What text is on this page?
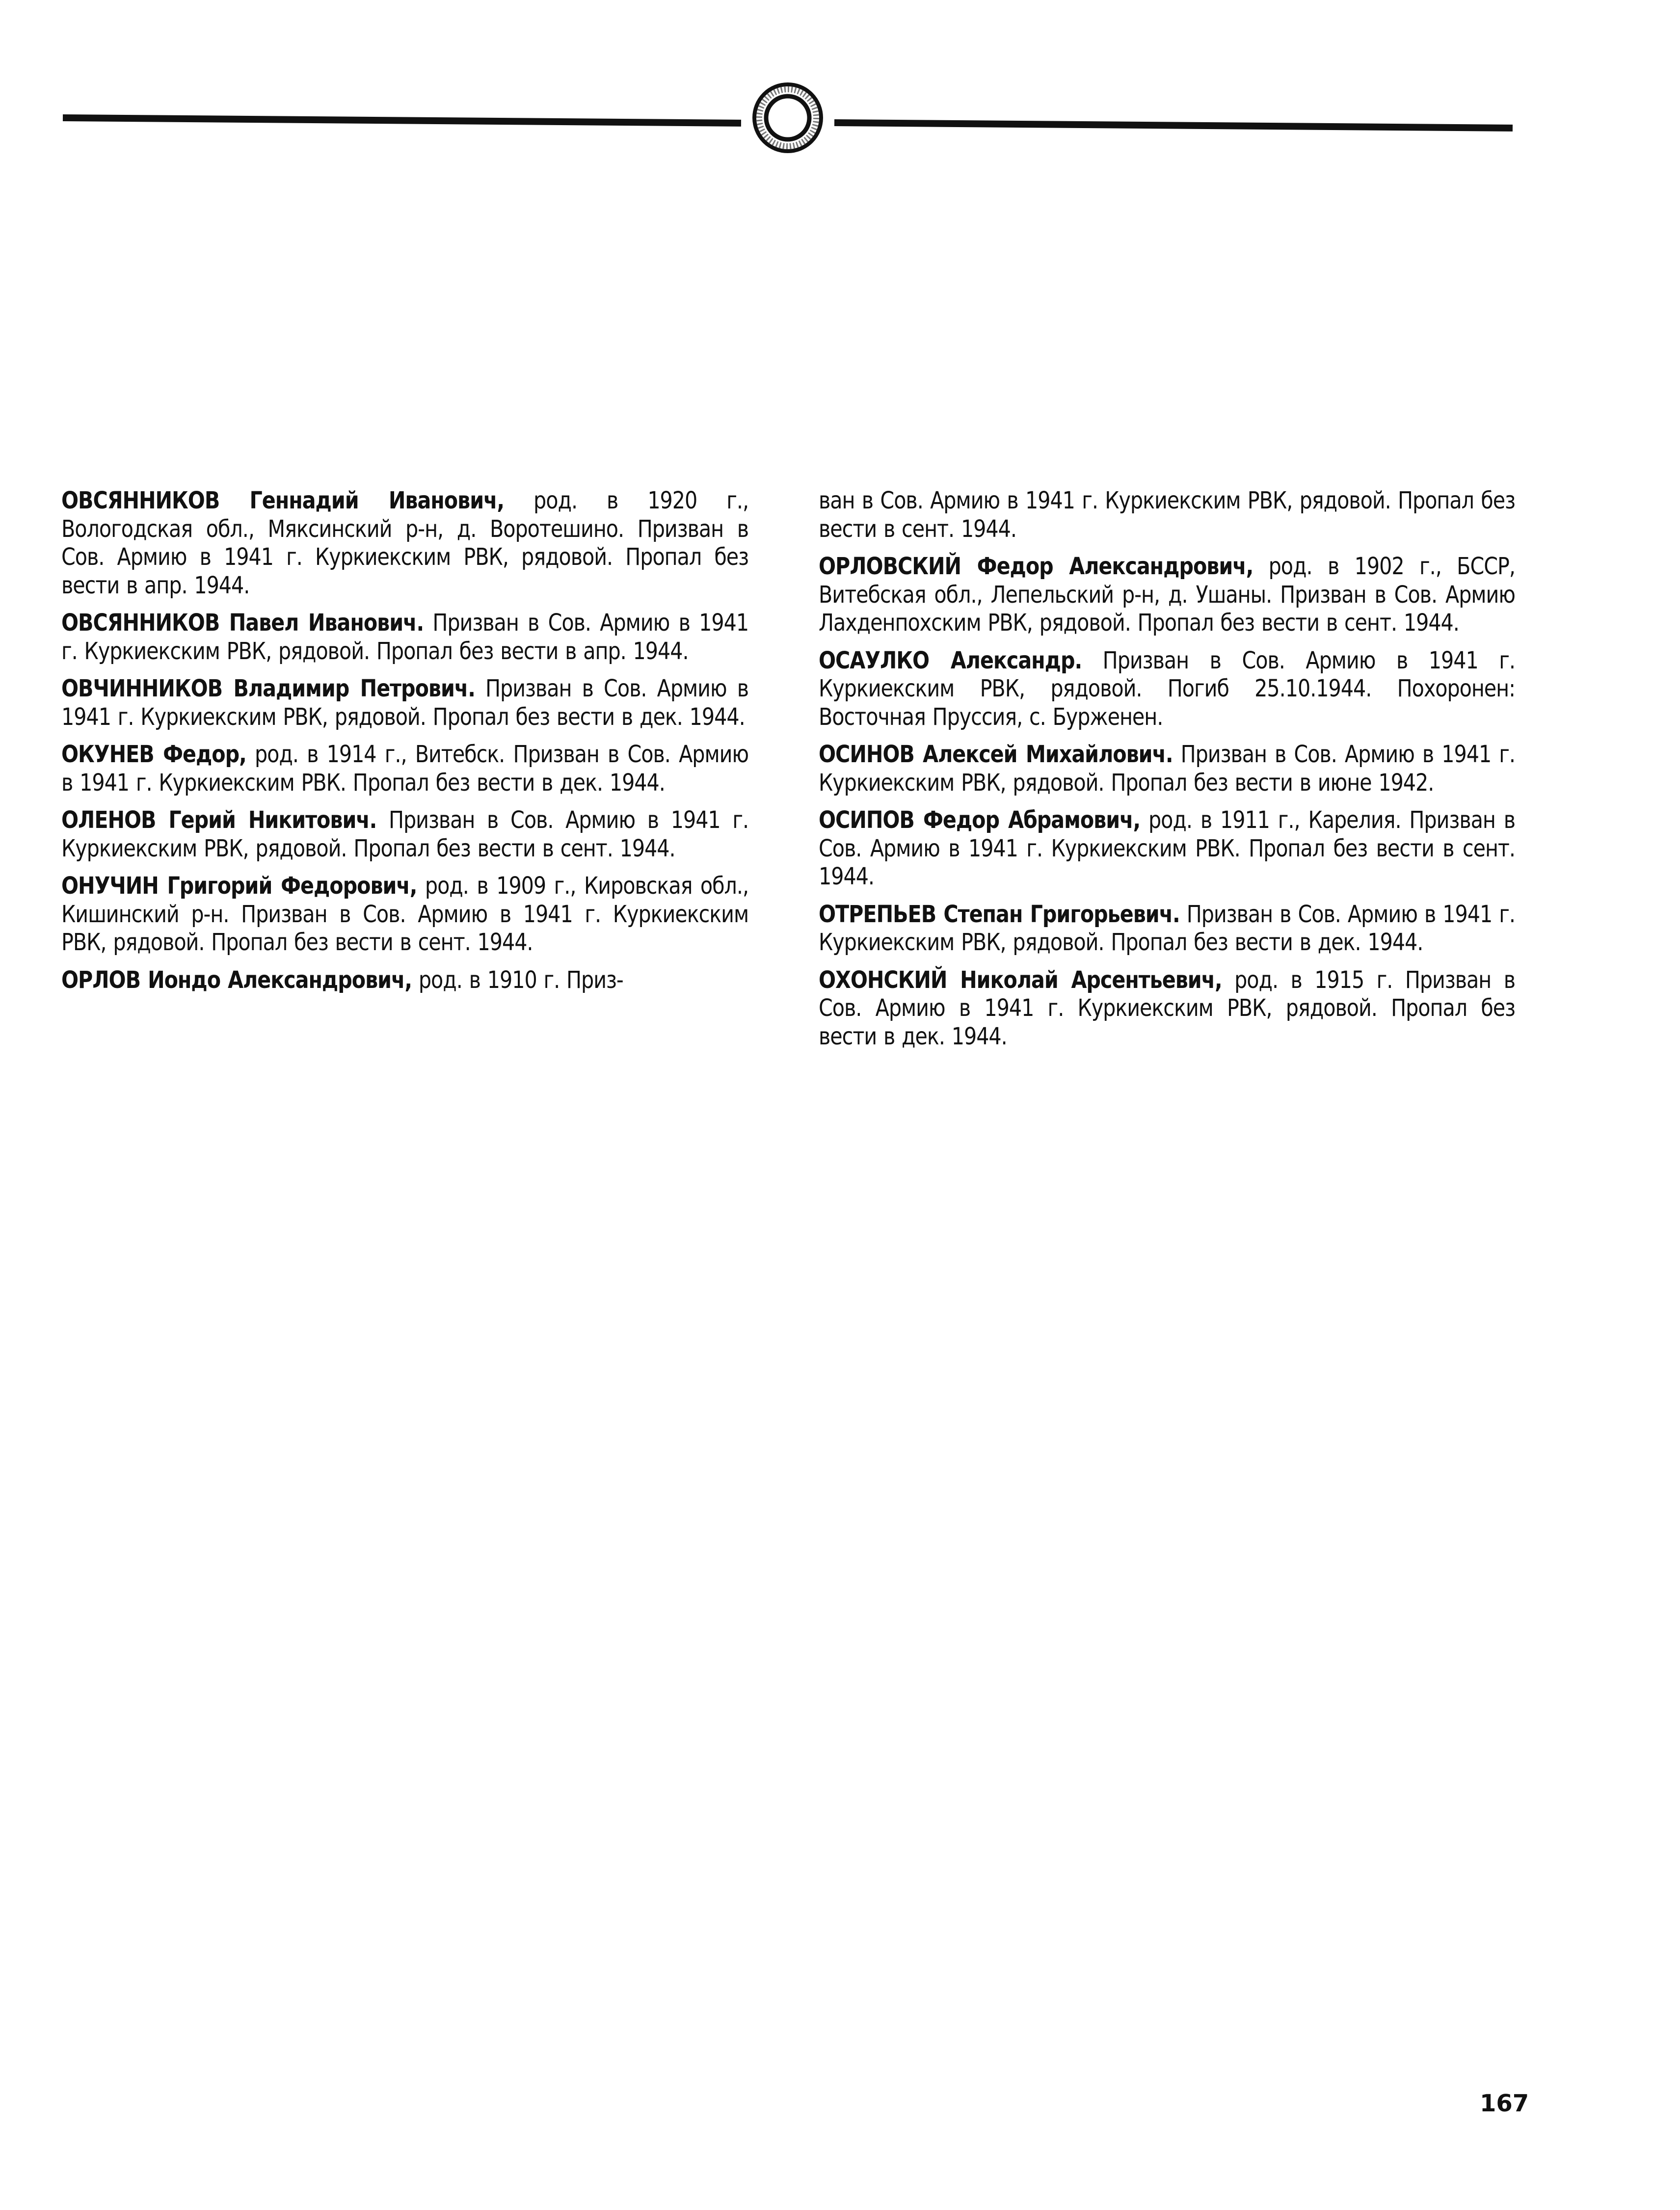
ОВСЯННИКОВ Геннадий Иванович, род. в 1920 г., Вологодская обл., Мяксинский р-н, д. Воротешино. Призван в Сов. Армию в 1941 г. Куркиекским РВК, рядовой. Пропал без вести в апр. 1944.

ОВСЯННИКОВ Павел Иванович. Призван в Сов. Армию в 1941 г. Куркиекским РВК, рядовой. Пропал без вести в апр. 1944.

ОВЧИННИКОВ Владимир Петрович. Призван в Сов. Армию в 1941 г. Куркиекским РВК, рядовой. Пропал без вести в дек. 1944.

ОКУНЕВ Федор, род. в 1914 г., Витебск. Призван в Сов. Армию в 1941 г. Куркиекским РВК. Пропал без вести в дек. 1944.

ОЛЕНОВ Герий Никитович. Призван в Сов. Армию в 1941 г. Куркиекским РВК, рядовой. Пропал без вести в сент. 1944.

ОНУЧИН Григорий Федорович, род. в 1909 г., Кировская обл., Кишинский р-н. Призван в Сов. Армию в 1941 г. Куркиекским РВК, рядовой. Пропал без вести в сент. 1944.

ОРЛОВ Иондо Александрович, род. в 1910 г. Приз-

ван в Сов. Армию в 1941 г. Куркиекским РВК, рядовой. Пропал без вести в сент. 1944.

ОРЛОВСКИЙ Федор Александрович, род. в 1902 г., БССР, Витебская обл., Лепельский р-н, д. Ушаны. Призван в Сов. Армию Лахденпохским РВК, рядовой. Пропал без вести в сент. 1944.

ОСАУЛКО Александр. Призван в Сов. Армию в 1941 г. Куркиекским РВК, рядовой. Погиб 25.10.1944. Похоронен: Восточная Пруссия, с. Бурженен.

ОСИНОВ Алексей Михайлович. Призван в Сов. Армию в 1941 г. Куркиекским РВК, рядовой. Пропал без вести в июне 1942.

ОСИПОВ Федор Абрамович, род. в 1911 г., Карелия. Призван в Сов. Армию в 1941 г. Куркиекским РВК. Пропал без вести в сент. 1944.

ОТРЕПЬЕВ Степан Григорьевич. Призван в Сов. Армию в 1941 г. Куркиекским РВК, рядовой. Пропал без вести в дек. 1944.

ОХОНСКИЙ Николай Арсентьевич, род. в 1915 г. Призван в Сов. Армию в 1941 г. Куркиекским РВК, рядовой. Пропал без вести в дек. 1944.

167
